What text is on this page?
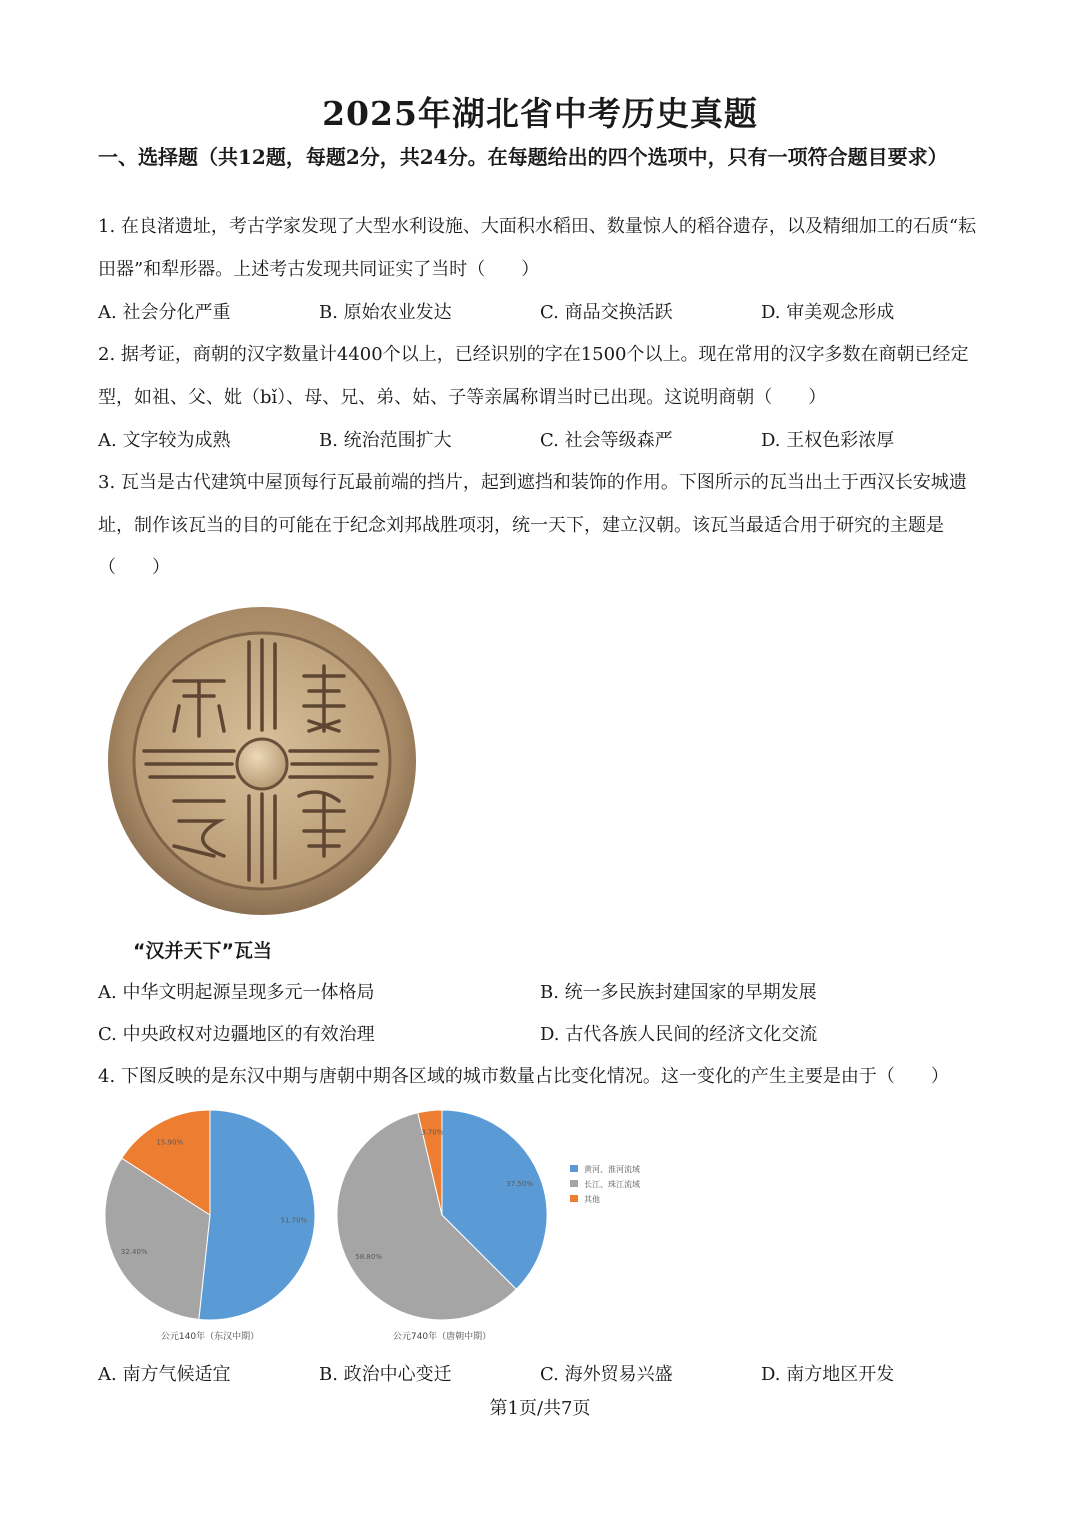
2025年湖北省中考历史真题
一、选择题（共12题，每题2分，共24分。在每题给出的四个选项中，只有一项符合题目要求）
1. 在良渚遗址，考古学家发现了大型水利设施、大面积水稻田、数量惊人的稻谷遗存，以及精细加工的石质“耘田器”和犁形器。上述考古发现共同证实了当时（　　）
A. 社会分化严重	B. 原始农业发达	C. 商品交换活跃	D. 审美观念形成
2. 据考证，商朝的汉字数量计4400个以上，已经识别的字在1500个以上。现在常用的汉字多数在商朝已经定型，如祖、父、妣（bǐ）、母、兄、弟、姑、子等亲属称谓当时已出现。这说明商朝（　　）
A. 文字较为成熟	B. 统治范围扩大	C. 社会等级森严	D. 王权色彩浓厚
3. 瓦当是古代建筑中屋顶每行瓦最前端的挡片，起到遮挡和装饰的作用。下图所示的瓦当出土于西汉长安城遗址，制作该瓦当的目的可能在于纪念刘邦战胜项羽，统一天下，建立汉朝。该瓦当最适合用于研究的主题是（　　）
“汉并天下”瓦当
A. 中华文明起源呈现多元一体格局	B. 统一多民族封建国家的早期发展
C. 中央政权对边疆地区的有效治理	D. 古代各族人民间的经济文化交流
4. 下图反映的是东汉中期与唐朝中期各区域的城市数量占比变化情况。这一变化的产生主要是由于（　　）
51.70%
32.40%
15.90%
37.50%
58.80%
3.70%
公元140年（东汉中期）	公元740年（唐朝中期）
黄河、淮河流域
长江、珠江流域
其他
A. 南方气候适宜	B. 政治中心变迁	C. 海外贸易兴盛	D. 南方地区开发
第1页/共7页
